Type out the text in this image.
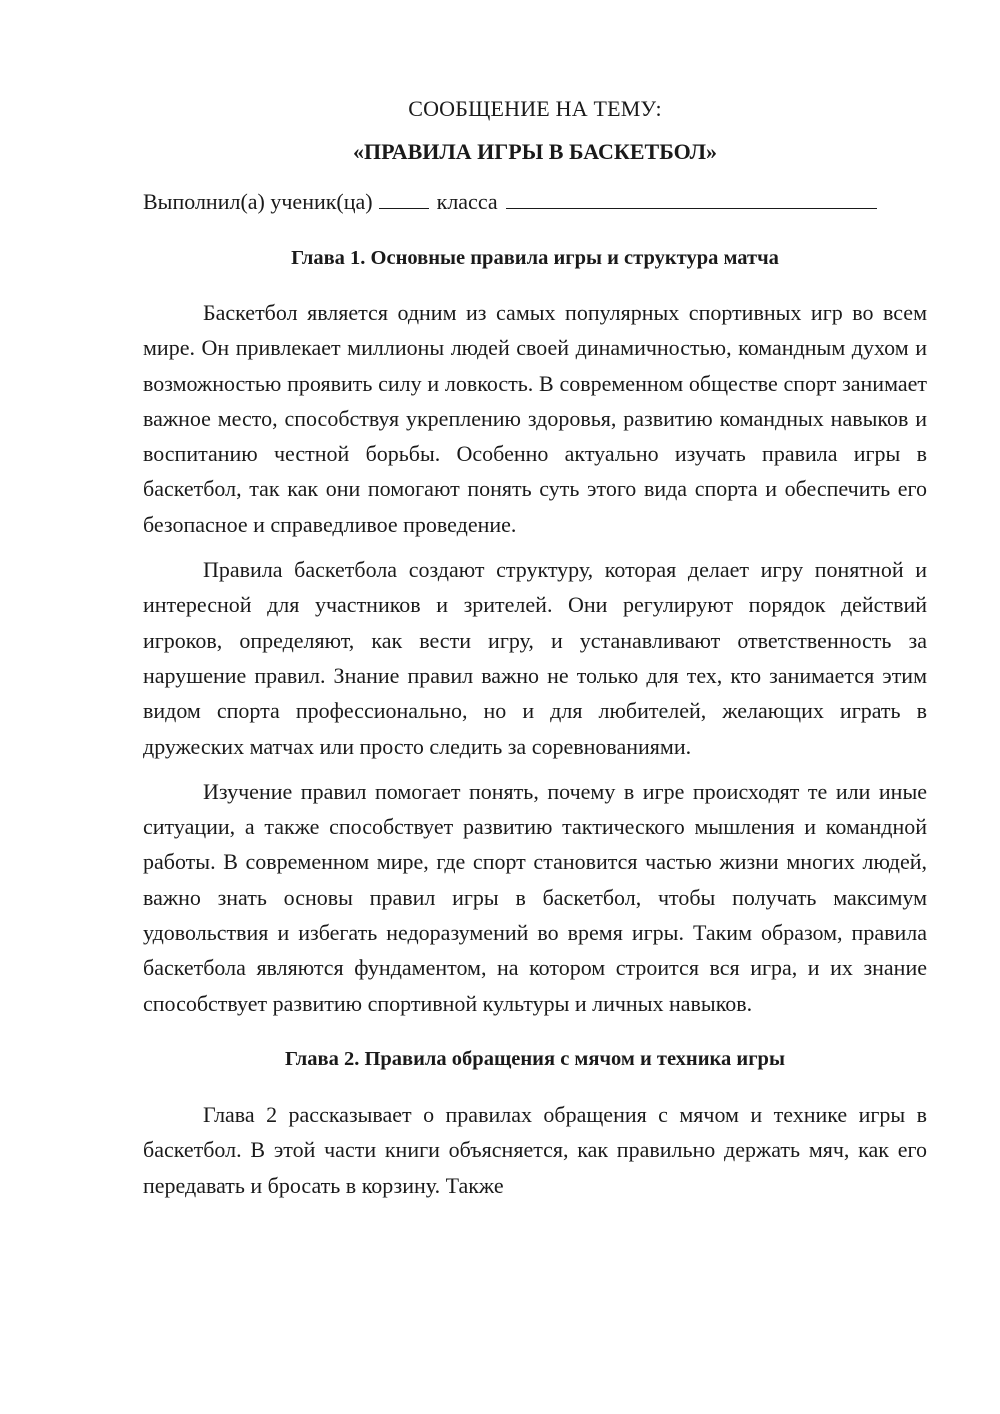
СООБЩЕНИЕ НА ТЕМУ:

«ПРАВИЛА ИГРЫ В БАСКЕТБОЛ»

Выполнил(а) ученик(ца)	класса
Глава 1. Основные правила игры и структура матча

Баскетбол является одним из самых популярных спортивных игр во всем мире. Он привлекает миллионы людей своей динамичностью, командным духом и возможностью проявить силу и ловкость. В современном обществе спорт занимает важное место, способствуя укреплению здоровья, развитию командных навыков и воспитанию честной борьбы. Особенно актуально изучать правила игры в баскетбол, так как они помогают понять суть этого вида спорта и обеспечить его безопасное и справедливое проведение.

Правила баскетбола создают структуру, которая делает игру понятной и интересной для участников и зрителей. Они регулируют порядок действий игроков, определяют, как вести игру, и устанавливают ответственность за нарушение правил. Знание правил важно не только для тех, кто занимается этим видом спорта профессионально, но и для любителей, желающих играть в дружеских матчах или просто следить за соревнованиями.

Изучение правил помогает понять, почему в игре происходят те или иные ситуации, а также способствует развитию тактического мышления и командной работы. В современном мире, где спорт становится частью жизни многих людей, важно знать основы правил игры в баскетбол, чтобы получать максимум удовольствия и избегать недоразумений во время игры. Таким образом, правила баскетбола являются фундаментом, на котором строится вся игра, и их знание способствует развитию спортивной культуры и личных навыков.

Глава 2. Правила обращения с мячом и техника игры

Глава 2 рассказывает о правилах обращения с мячом и технике игры в баскетбол. В этой части книги объясняется, как правильно держать мяч, как его передавать и бросать в корзину. Также
